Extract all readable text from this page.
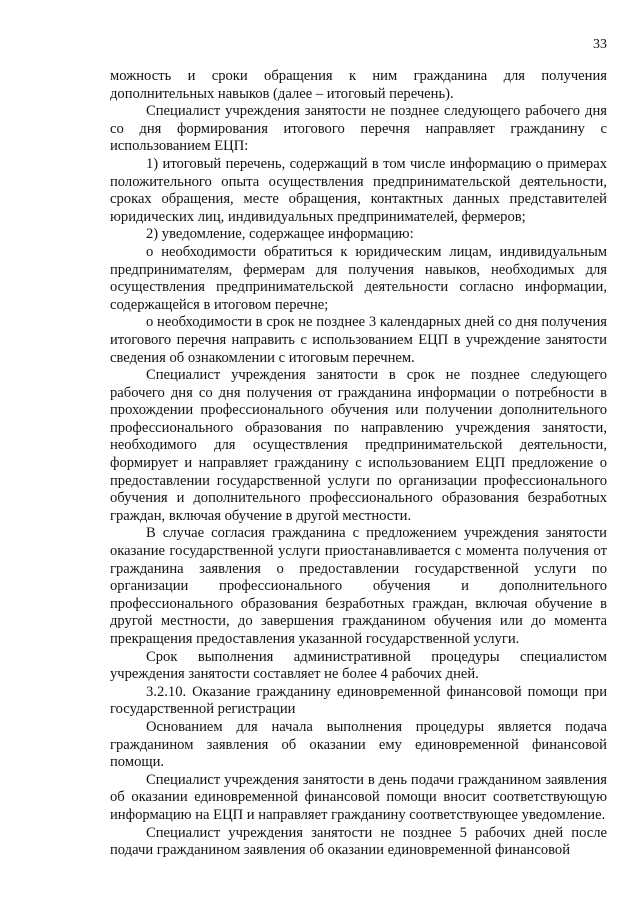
33

можность и сроки обращения к ним гражданина для получения дополнительных навыков (далее – итоговый перечень).

Специалист учреждения занятости не позднее следующего рабочего дня со дня формирования итогового перечня направляет гражданину с использованием ЕЦП:

1) итоговый перечень, содержащий в том числе информацию о примерах положительного опыта осуществления предпринимательской деятельности, сроках обращения, месте обращения, контактных данных представителей юридических лиц, индивидуальных предпринимателей, фермеров;

2) уведомление, содержащее информацию:

о необходимости обратиться к юридическим лицам, индивидуальным предпринимателям, фермерам для получения навыков, необходимых для осуществления предпринимательской деятельности согласно информации, содержащейся в итоговом перечне;

о необходимости в срок не позднее 3 календарных дней со дня получения итогового перечня направить с использованием ЕЦП в учреждение занятости сведения об ознакомлении с итоговым перечнем.

Специалист учреждения занятости в срок не позднее следующего рабочего дня со дня получения от гражданина информации о потребности в прохождении профессионального обучения или получении дополнительного профессионального образования по направлению учреждения занятости, необходимого для осуществления предпринимательской деятельности, формирует и направляет гражданину с использованием ЕЦП предложение о предоставлении государственной услуги по организации профессионального обучения и дополнительного профессионального образования безработных граждан, включая обучение в другой местности.

В случае согласия гражданина с предложением учреждения занятости оказание государственной услуги приостанавливается с момента получения от гражданина заявления о предоставлении государственной услуги по организации профессионального обучения и дополнительного профессионального образования безработных граждан, включая обучение в другой местности, до завершения гражданином обучения или до момента прекращения предоставления указанной государственной услуги.

Срок выполнения административной процедуры специалистом учреждения занятости составляет не более 4 рабочих дней.

3.2.10. Оказание гражданину единовременной финансовой помощи при государственной регистрации

Основанием для начала выполнения процедуры является подача гражданином заявления об оказании ему единовременной финансовой помощи.

Специалист учреждения занятости в день подачи гражданином заявления об оказании единовременной финансовой помощи вносит соответствующую информацию на ЕЦП и направляет гражданину соответствующее уведомление.

Специалист учреждения занятости не позднее 5 рабочих дней после подачи гражданином заявления об оказании единовременной финансовой
